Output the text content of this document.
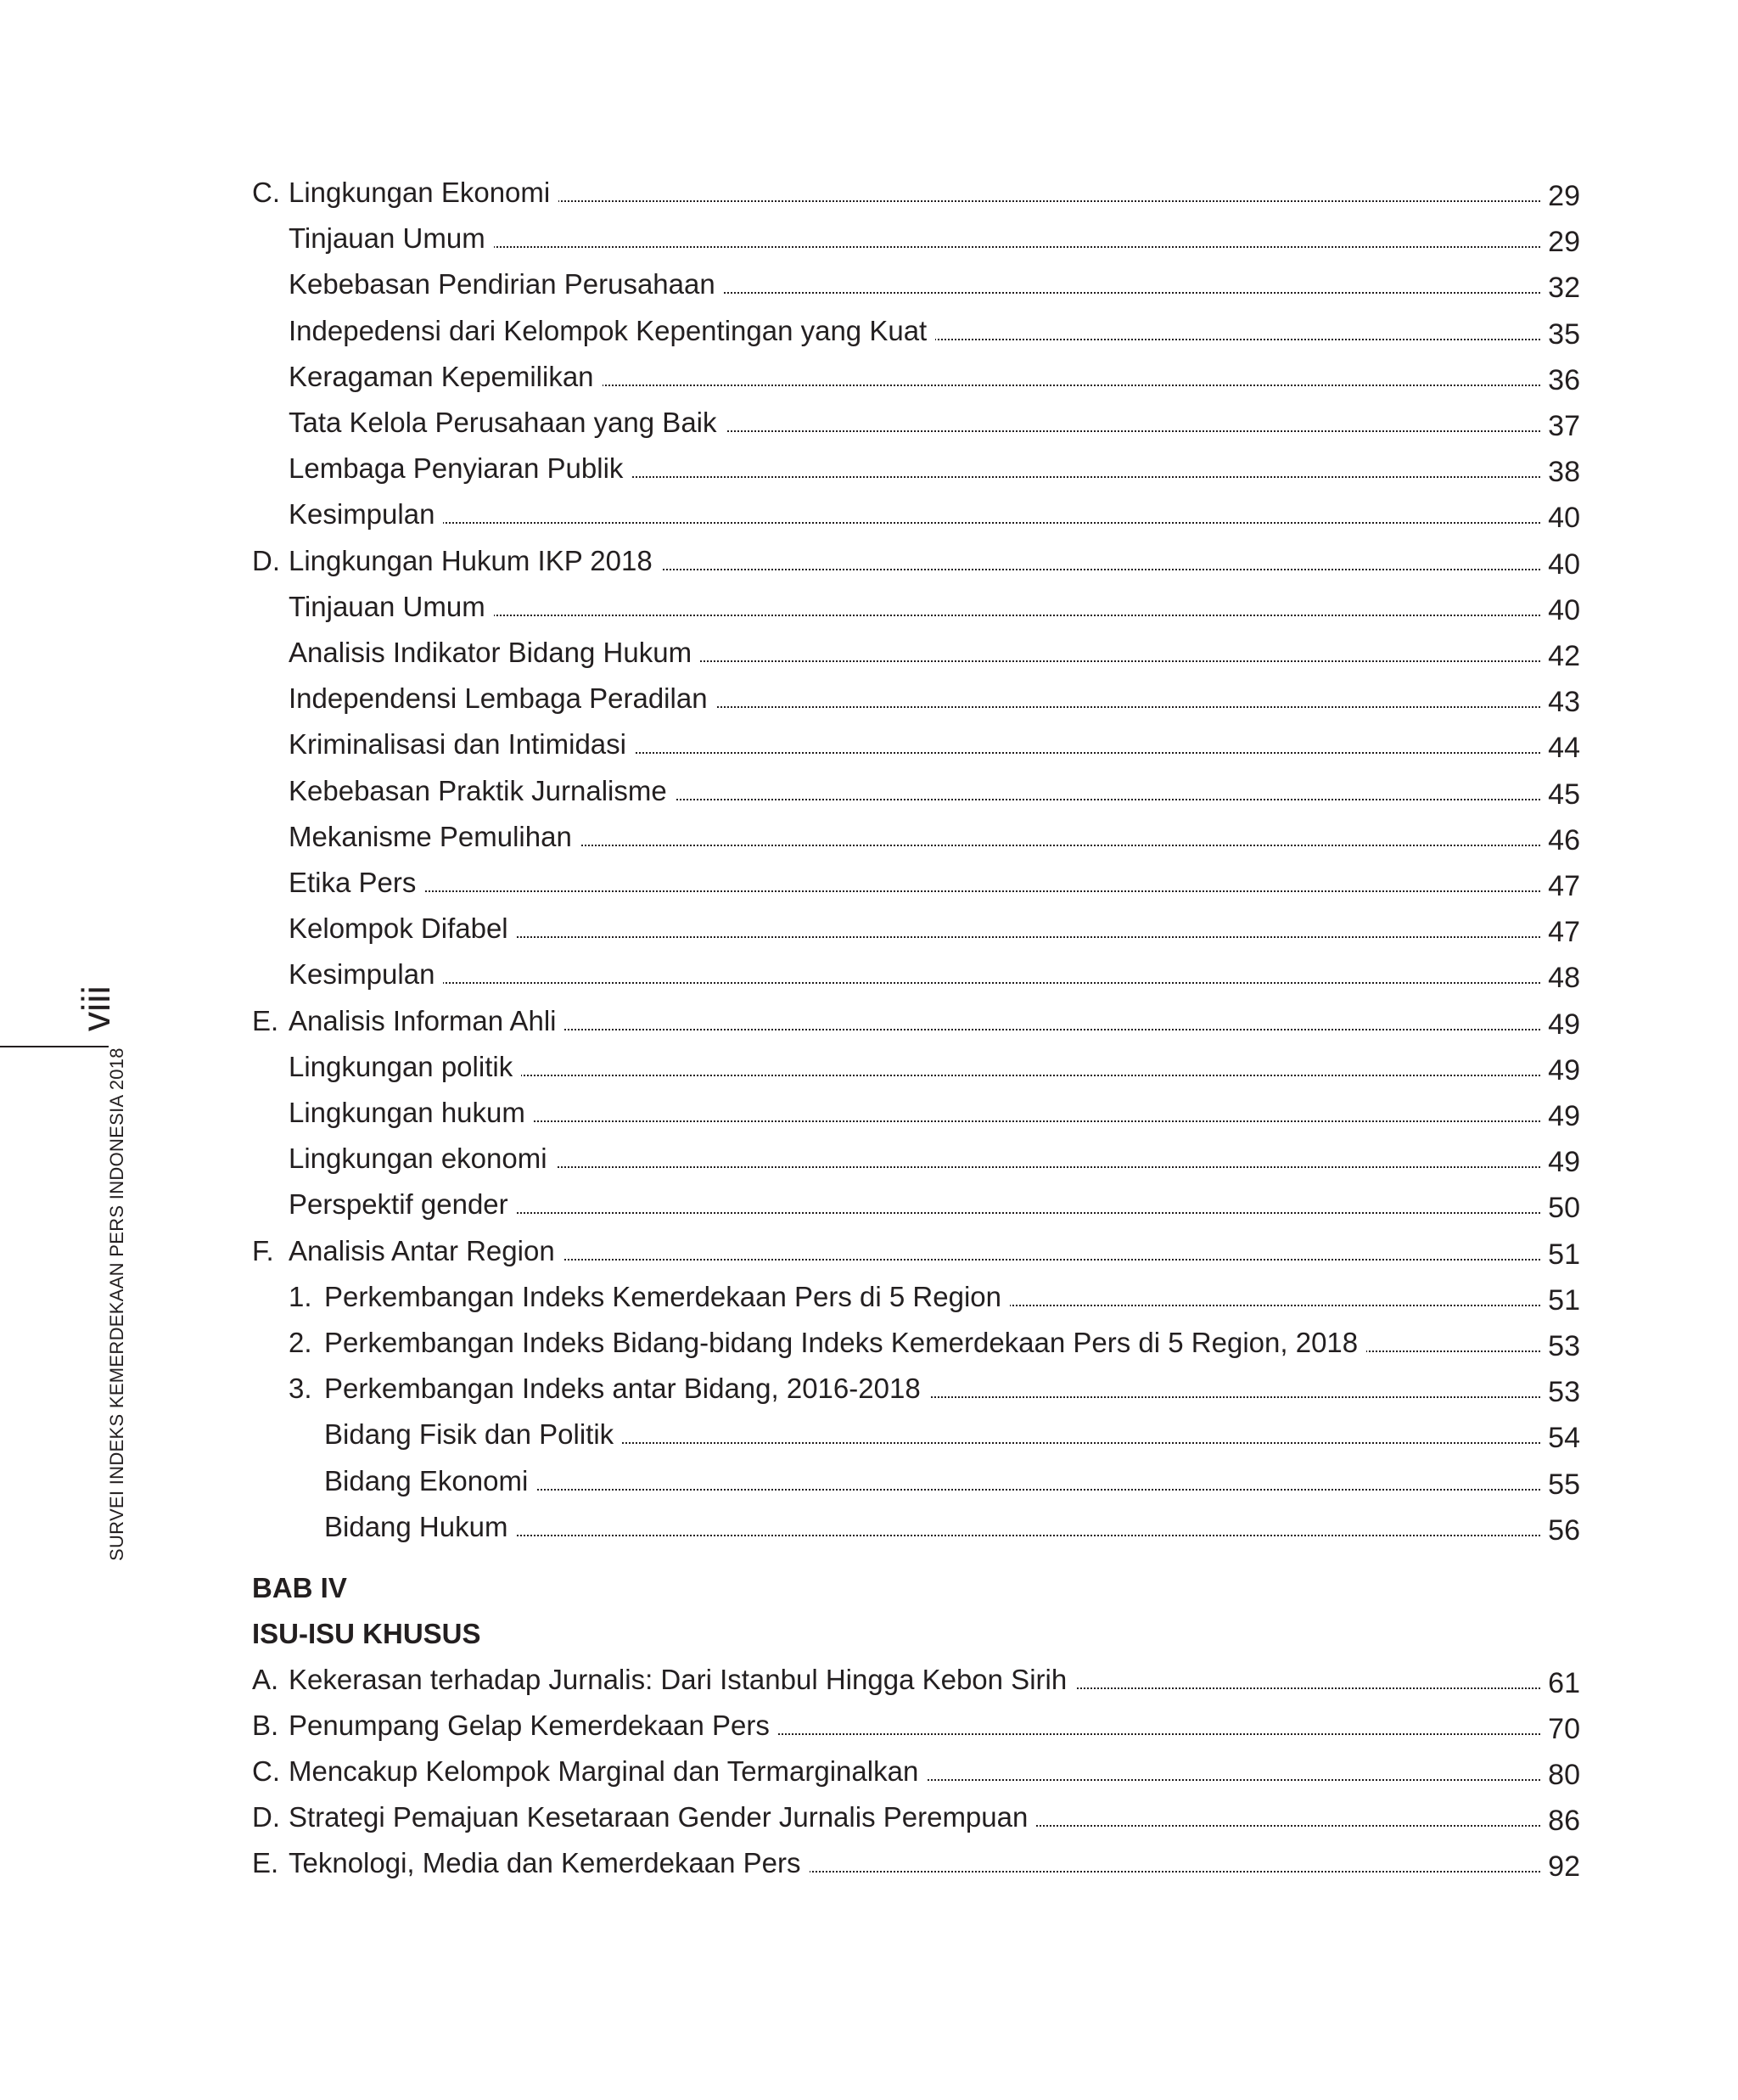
viii
SURVEI INDEKS KEMERDEKAAN PERS INDONESIA 2018
C. Lingkungan Ekonomi	29
Tinjauan Umum	29
Kebebasan Pendirian Perusahaan	32
Indepedensi dari Kelompok Kepentingan yang Kuat	35
Keragaman Kepemilikan	36
Tata Kelola Perusahaan yang Baik	37
Lembaga Penyiaran Publik	38
Kesimpulan	40
D. Lingkungan Hukum IKP 2018	40
Tinjauan Umum	40
Analisis Indikator Bidang Hukum	42
Independensi Lembaga Peradilan	43
Kriminalisasi dan Intimidasi	44
Kebebasan Praktik Jurnalisme	45
Mekanisme Pemulihan	46
Etika Pers	47
Kelompok Difabel	47
Kesimpulan	48
E. Analisis Informan Ahli	49
Lingkungan politik	49
Lingkungan hukum	49
Lingkungan ekonomi	49
Perspektif gender	50
F. Analisis Antar Region	51
1. Perkembangan Indeks Kemerdekaan Pers di 5 Region	51
2. Perkembangan Indeks Bidang-bidang Indeks Kemerdekaan Pers di 5 Region, 2018	53
3. Perkembangan Indeks antar Bidang, 2016-2018	53
Bidang Fisik dan Politik	54
Bidang Ekonomi	55
Bidang Hukum	56
A. Kekerasan terhadap Jurnalis: Dari Istanbul Hingga Kebon Sirih	61
B. Penumpang Gelap Kemerdekaan Pers	70
C. Mencakup Kelompok Marginal dan Termarginalkan	80
D. Strategi Pemajuan Kesetaraan Gender Jurnalis Perempuan	86
E. Teknologi, Media dan Kemerdekaan Pers	92
BAB IV
ISU-ISU KHUSUS
